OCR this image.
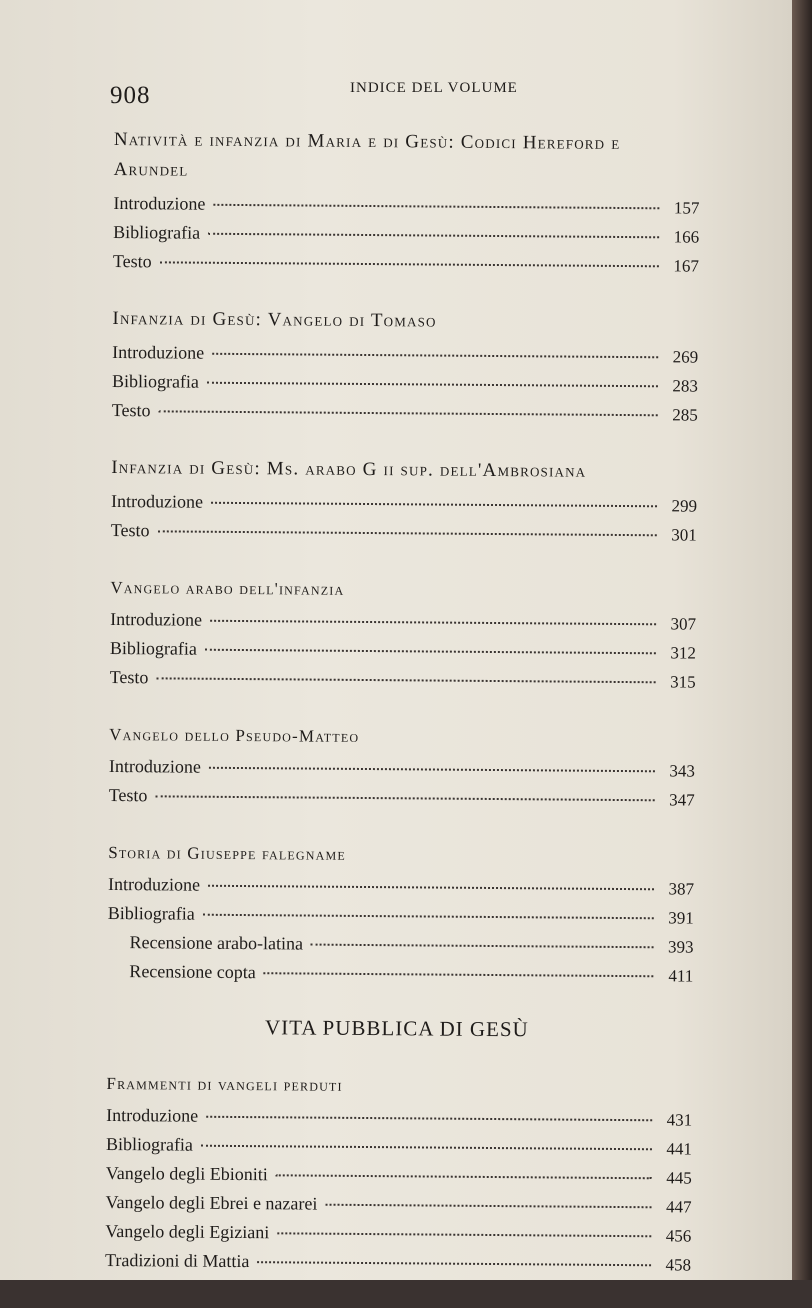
908	INDICE DEL VOLUME
Natività e infanzia di Maria e di Gesù: Codici Hereford e Arundel
Introduzione	157
Bibliografia	166
Testo	167
Infanzia di Gesù: Vangelo di Tomaso
Introduzione	269
Bibliografia	283
Testo	285
Infanzia di Gesù: Ms. arabo G ii sup. dell'Ambrosiana
Introduzione	299
Testo	301
Vangelo arabo dell'infanzia
Introduzione	307
Bibliografia	312
Testo	315
Vangelo dello Pseudo-Matteo
Introduzione	343
Testo	347
Storia di Giuseppe falegname
Introduzione	387
Bibliografia	391
Recensione arabo-latina	393
Recensione copta	411
VITA PUBBLICA DI GESÙ
Frammenti di vangeli perduti
Introduzione	431
Bibliografia	441
Vangelo degli Ebioniti	445
Vangelo degli Ebrei e nazarei	447
Vangelo degli Egiziani	456
Tradizioni di Mattia	458
